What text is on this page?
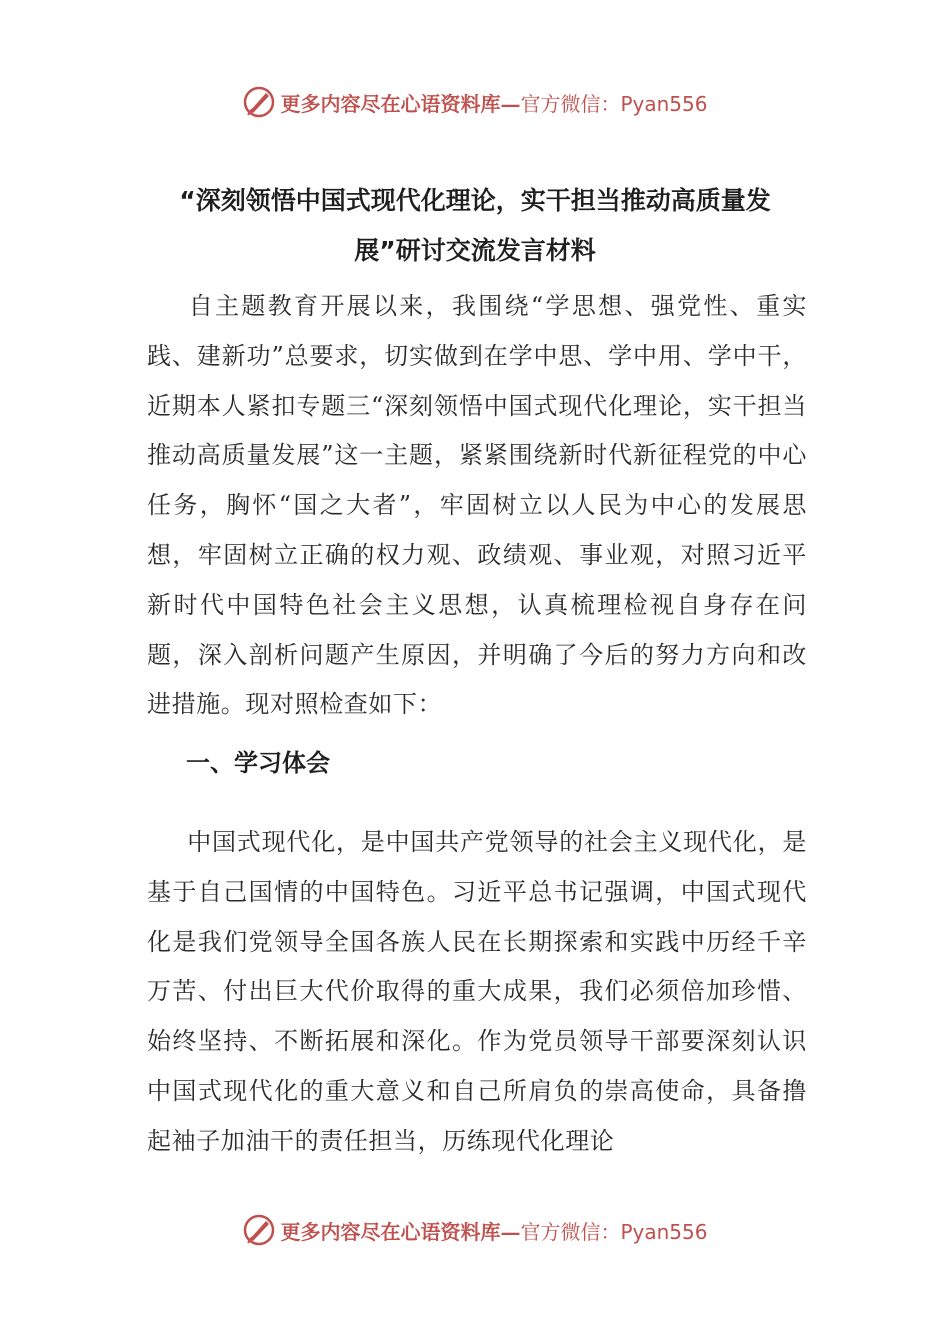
更多内容尽在心语资料库— 官方微信：Pyan556
“深刻领悟中国式现代化理论，实干担当推动高质量发
展”研讨交流发言材料
自主题教育开展以来，我围绕“学思想、强党性、重实践、建新功”总要求，切实做到在学中思、学中用、学中干，近期本人紧扣专题三“深刻领悟中国式现代化理论，实干担当推动高质量发展”这一主题，紧紧围绕新时代新征程党的中心任务，胸怀“国之大者”，牢固树立以人民为中心的发展思想，牢固树立正确的权力观、政绩观、事业观，对照习近平新时代中国特色社会主义思想，认真梳理检视自身存在问题，深入剖析问题产生原因，并明确了今后的努力方向和改进措施。现对照检查如下：
一、学习体会
中国式现代化，是中国共产党领导的社会主义现代化，是基于自己国情的中国特色。习近平总书记强调，中国式现代化是我们党领导全国各族人民在长期探索和实践中历经千辛万苦、付出巨大代价取得的重大成果，我们必须倍加珍惜、始终坚持、不断拓展和深化。作为党员领导干部要深刻认识中国式现代化的重大意义和自己所肩负的崇高使命，具备撸起袖子加油干的责任担当，历练现代化理论
更多内容尽在心语资料库— 官方微信：Pyan556
